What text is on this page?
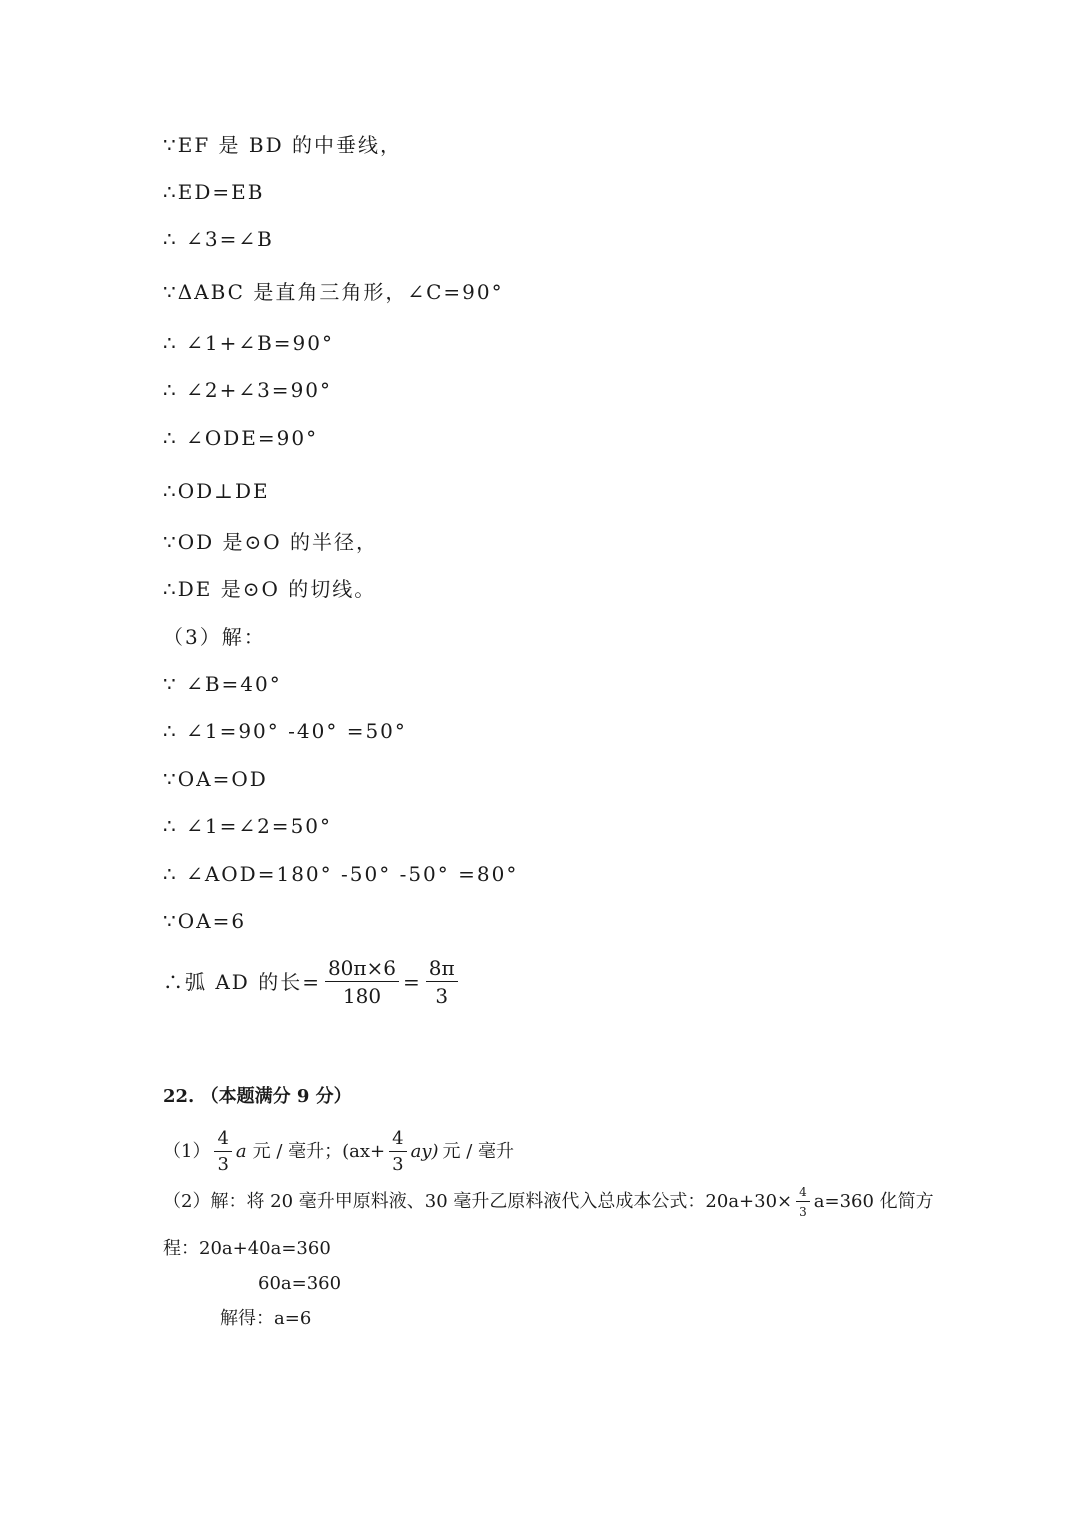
∵EF 是 BD 的中垂线，
∴ED=EB
∴ ∠3=∠B
∵ΔABC 是直角三角形，∠C=90°
∴ ∠1+∠B=90°
∴ ∠2+∠3=90°
∴ ∠ODE=90°
∴OD⊥DE
∵OD 是⊙O 的半径，
∴DE 是⊙O 的切线。
（3）解：
∵ ∠B=40°
∴ ∠1=90° -40° =50°
∵OA=OD
∴ ∠1=∠2=50°
∴ ∠AOD=180° -50° -50° =80°
∵OA=6
∴弧 AD 的长= $\frac{80\pi\times 6}{180} = \frac{8\pi}{3}$
22. （本题满分 9 分）
$(1) \frac{4}{3}$ a 元 / 毫升； $(ax+ \frac{4}{3} ay)$ 元 / 毫升
（2）解：将 20 毫升甲原料液、30 毫升乙原料液代入总成本公式：$20a+30\times \frac{4}{3} a=360$ 化简方
程：20a+40a=360
60a=360
解得：a=6
